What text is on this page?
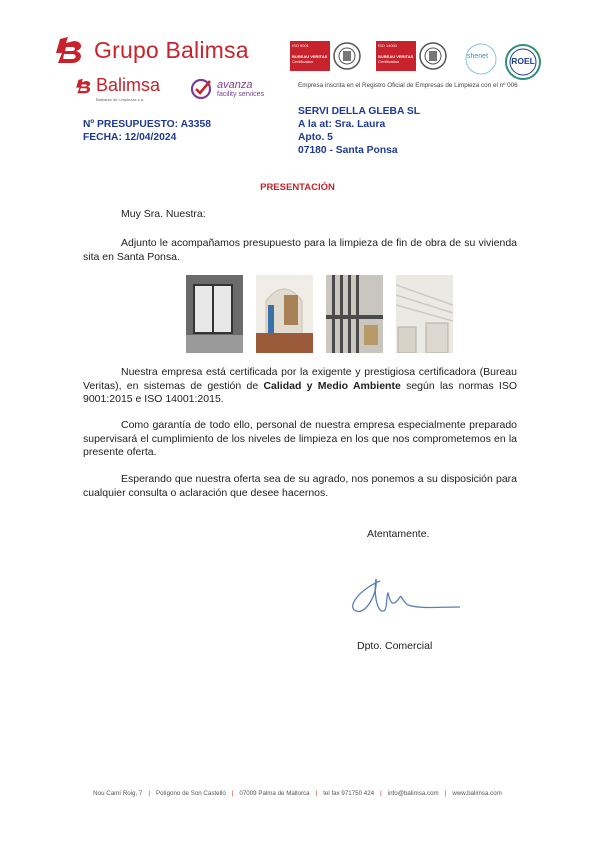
Grupo Balimsa
Balimsa
Baleares de Limpiezas s.a.
avanza
facility services
ISO 9001
BUREAU VERITAS
Certification
ISO 14001
BUREAU VERITAS
Certification
shenet	ROEL
Empresa inscrita en el Registro Oficial de Empresas de Limpieza con el nº 006
Nº PRESUPUESTO: A3358
FECHA: 12/04/2024
SERVI DELLA GLEBA SL
A la at: Sra. Laura
Apto. 5
07180 - Santa Ponsa
PRESENTACIÓN
Muy Sra. Nuestra:
Adjunto le acompañamos presupuesto para la limpieza de fin de obra de su vivienda sita en Santa Ponsa.
Nuestra empresa está certificada por la exigente y prestigiosa certificadora (Bureau Veritas), en sistemas de gestión de Calidad y Medio Ambiente según las normas ISO 9001:2015 e ISO 14001:2015.
Como garantía de todo ello, personal de nuestra empresa especialmente preparado supervisará el cumplimiento de los niveles de limpieza en los que nos comprometemos en la presente oferta.
Esperando que nuestra oferta sea de su agrado, nos ponemos a su disposición para cualquier consulta o aclaración que desee hacernos.
Atentamente.
Dpto. Comercial
Nou Camí Roig, 7 | Polígono de Son Castelló | 07009 Palma de Mallorca | tel fax 971750 424 | info@balimsa.com | www.balimsa.com
